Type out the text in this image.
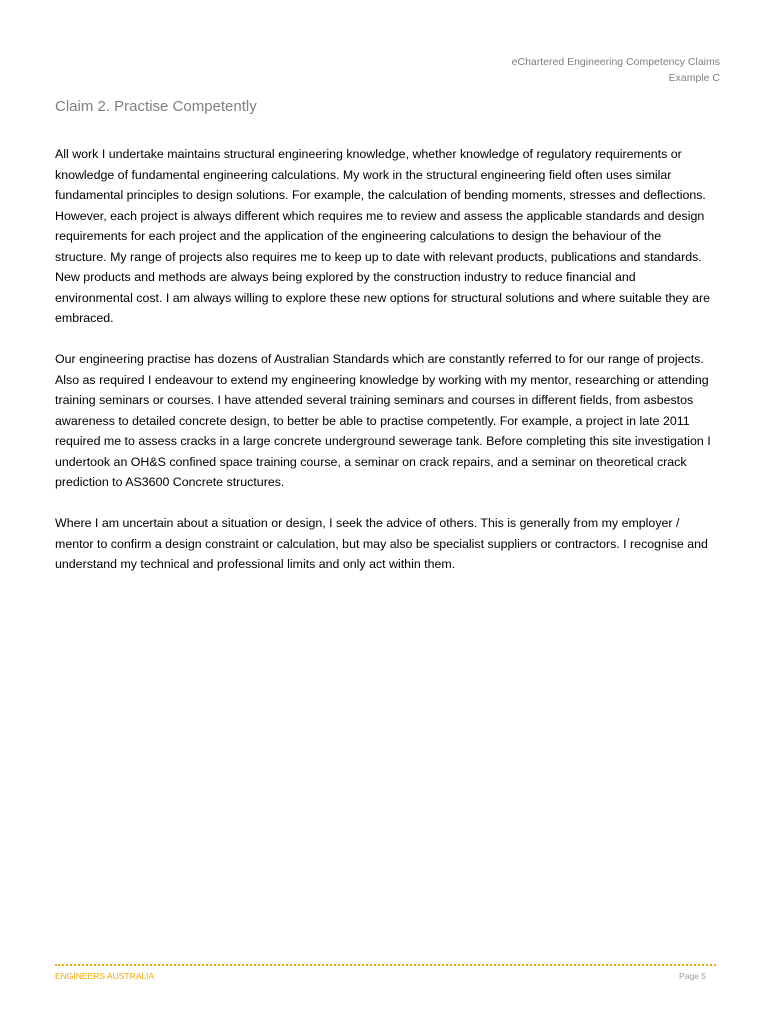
eChartered Engineering Competency Claims
Example C
Claim 2. Practise Competently

All work I undertake maintains structural engineering knowledge, whether knowledge of regulatory requirements or knowledge of fundamental engineering calculations. My work in the structural engineering field often uses similar fundamental principles to design solutions. For example, the calculation of bending moments, stresses and deflections. However, each project is always different which requires me to review and assess the applicable standards and design requirements for each project and the application of the engineering calculations to design the behaviour of the structure. My range of projects also requires me to keep up to date with relevant products, publications and standards. New products and methods are always being explored by the construction industry to reduce financial and environmental cost. I am always willing to explore these new options for structural solutions and where suitable they are embraced.

Our engineering practise has dozens of Australian Standards which are constantly referred to for our range of projects. Also as required I endeavour to extend my engineering knowledge by working with my mentor, researching or attending training seminars or courses. I have attended several training seminars and courses in different fields, from asbestos awareness to detailed concrete design, to better be able to practise competently. For example, a project in late 2011 required me to assess cracks in a large concrete underground sewerage tank. Before completing this site investigation I undertook an OH&S confined space training course, a seminar on crack repairs, and a seminar on theoretical crack prediction to AS3600 Concrete structures.

Where I am uncertain about a situation or design, I seek the advice of others. This is generally from my employer / mentor to confirm a design constraint or calculation, but may also be specialist suppliers or contractors. I recognise and understand my technical and professional limits and only act within them.

ENGINEERS AUSTRALIA	Page 5
